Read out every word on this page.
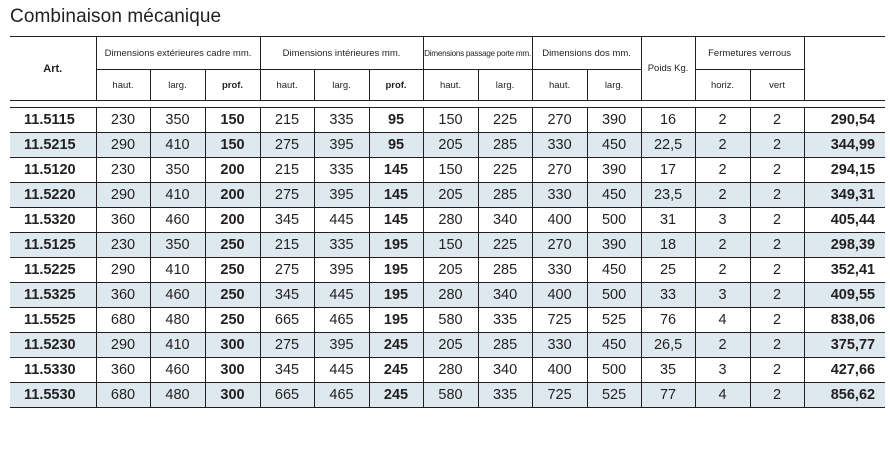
Combinaison mécanique
Art.	Dimensions extérieures cadre mm.			Dimensions intérieures mm.			Dimensions passage porte mm.		Dimensions dos mm.		Poids Kg.	Fermetures verrous		
	haut.	larg.	prof.	haut.	larg.	prof.	haut.	larg.	haut.	larg.		horiz.	vert	

11.5115	230	350	150	215	335	95	150	225	270	390	16	2	2	290,54
11.5215	290	410	150	275	395	95	205	285	330	450	22,5	2	2	344,99
11.5120	230	350	200	215	335	145	150	225	270	390	17	2	2	294,15
11.5220	290	410	200	275	395	145	205	285	330	450	23,5	2	2	349,31
11.5320	360	460	200	345	445	145	280	340	400	500	31	3	2	405,44
11.5125	230	350	250	215	335	195	150	225	270	390	18	2	2	298,39
11.5225	290	410	250	275	395	195	205	285	330	450	25	2	2	352,41
11.5325	360	460	250	345	445	195	280	340	400	500	33	3	2	409,55
11.5525	680	480	250	665	465	195	580	335	725	525	76	4	2	838,06
11.5230	290	410	300	275	395	245	205	285	330	450	26,5	2	2	375,77
11.5330	360	460	300	345	445	245	280	340	400	500	35	3	2	427,66
11.5530	680	480	300	665	465	245	580	335	725	525	77	4	2	856,62
